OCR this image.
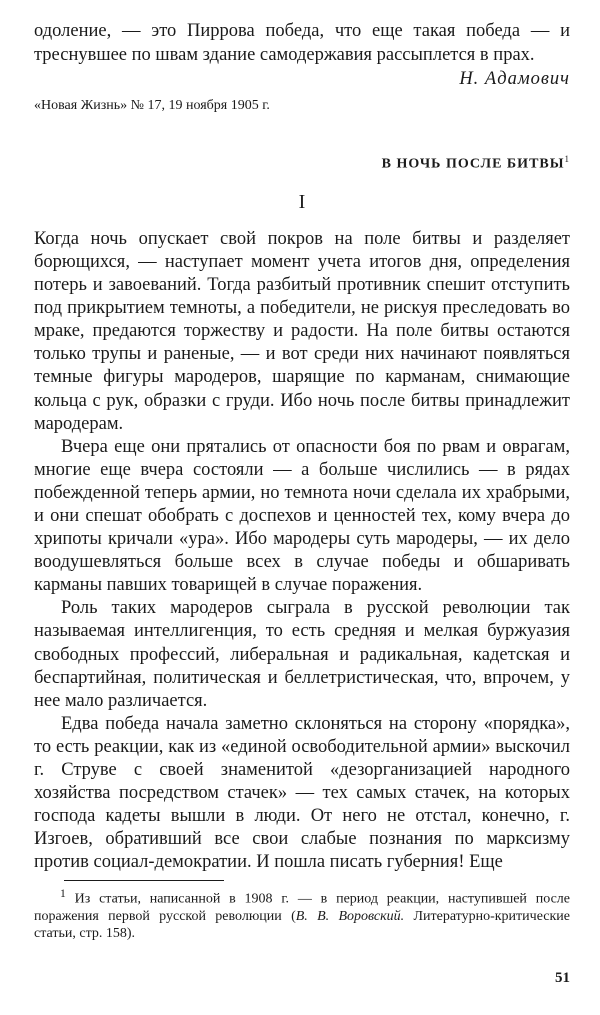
одоление, — это Пиррова победа, что еще такая победа — и треснувшее по швам здание самодержавия рассыплется в прах.

Н. Адамович

«Новая Жизнь» № 17, 19 ноября 1905 г.

В НОЧЬ ПОСЛЕ БИТВЫ$^1$
I

Когда ночь опускает свой покров на поле битвы и разделяет борющихся, — наступает момент учета итогов дня, определения потерь и завоеваний. Тогда разбитый противник спешит отступить под прикрытием темноты, а победители, не рискуя преследовать во мраке, предаются торжеству и радости. На поле битвы остаются только трупы и раненые, — и вот среди них начинают появляться темные фигуры мародеров, шарящие по карманам, снимающие кольца с рук, образки с груди. Ибо ночь после битвы принадлежит мародерам.

Вчера еще они прятались от опасности боя по рвам и оврагам, многие еще вчера состояли — а больше числились — в рядах побежденной теперь армии, но темнота ночи сделала их храбрыми, и они спешат обобрать с доспехов и ценностей тех, кому вчера до хрипоты кричали «ура». Ибо мародеры суть мародеры, — их дело воодушевляться больше всех в случае победы и обшаривать карманы павших товарищей в случае поражения.

Роль таких мародеров сыграла в русской революции так называемая интеллигенция, то есть средняя и мелкая буржуазия свободных профессий, либеральная и радикальная, кадетская и беспартийная, политическая и беллетристическая, что, впрочем, у нее мало различается.

Едва победа начала заметно склоняться на сторону «порядка», то есть реакции, как из «единой освободительной армии» выскочил г. Струве с своей знаменитой «дезорганизацией народного хозяйства посредством стачек» — тех самых стачек, на которых господа кадеты вышли в люди. От него не отстал, конечно, г. Изгоев, обративший все свои слабые познания по марксизму против социал-демократии. И пошла писать губерния! Еще

$^1$ Из статьи, написанной в 1908 г. — в период реакции, наступившей после поражения первой русской революции (В. В. Воровский. Литературно-критические статьи, стр. 158).

51
